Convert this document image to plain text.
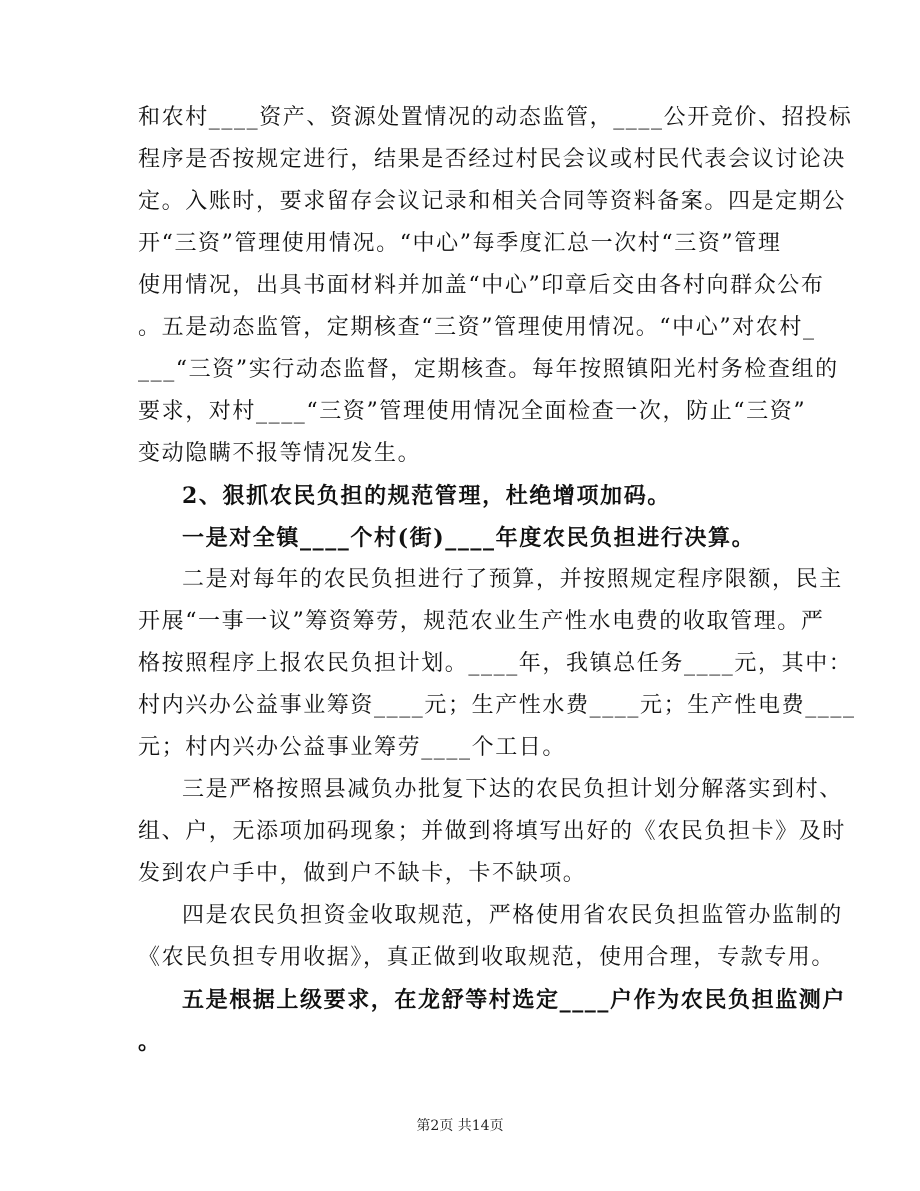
和农村____资产、资源处置情况的动态监管，____公开竞价、招投标
程序是否按规定进行，结果是否经过村民会议或村民代表会议讨论决
定。入账时，要求留存会议记录和相关合同等资料备案。四是定期公
开“三资”管理使用情况。“中心”每季度汇总一次村“三资”管理
使用情况，出具书面材料并加盖“中心”印章后交由各村向群众公布
。五是动态监管，定期核查“三资”管理使用情况。“中心”对农村_
___“三资”实行动态监督，定期核查。每年按照镇阳光村务检查组的
要求，对村____“三资”管理使用情况全面检查一次，防止“三资”
变动隐瞒不报等情况发生。
2、狠抓农民负担的规范管理，杜绝增项加码。
一是对全镇____个村(街)____年度农民负担进行决算。
二是对每年的农民负担进行了预算，并按照规定程序限额，民主
开展“一事一议”筹资筹劳，规范农业生产性水电费的收取管理。严
格按照程序上报农民负担计划。____年，我镇总任务____元，其中：
村内兴办公益事业筹资____元；生产性水费____元；生产性电费____
元；村内兴办公益事业筹劳____个工日。
三是严格按照县减负办批复下达的农民负担计划分解落实到村、
组、户，无添项加码现象；并做到将填写出好的《农民负担卡》及时
发到农户手中，做到户不缺卡，卡不缺项。
四是农民负担资金收取规范，严格使用省农民负担监管办监制的
《农民负担专用收据》，真正做到收取规范，使用合理，专款专用。
五是根据上级要求，在龙舒等村选定____户作为农民负担监测户
。
第2页 共14页
